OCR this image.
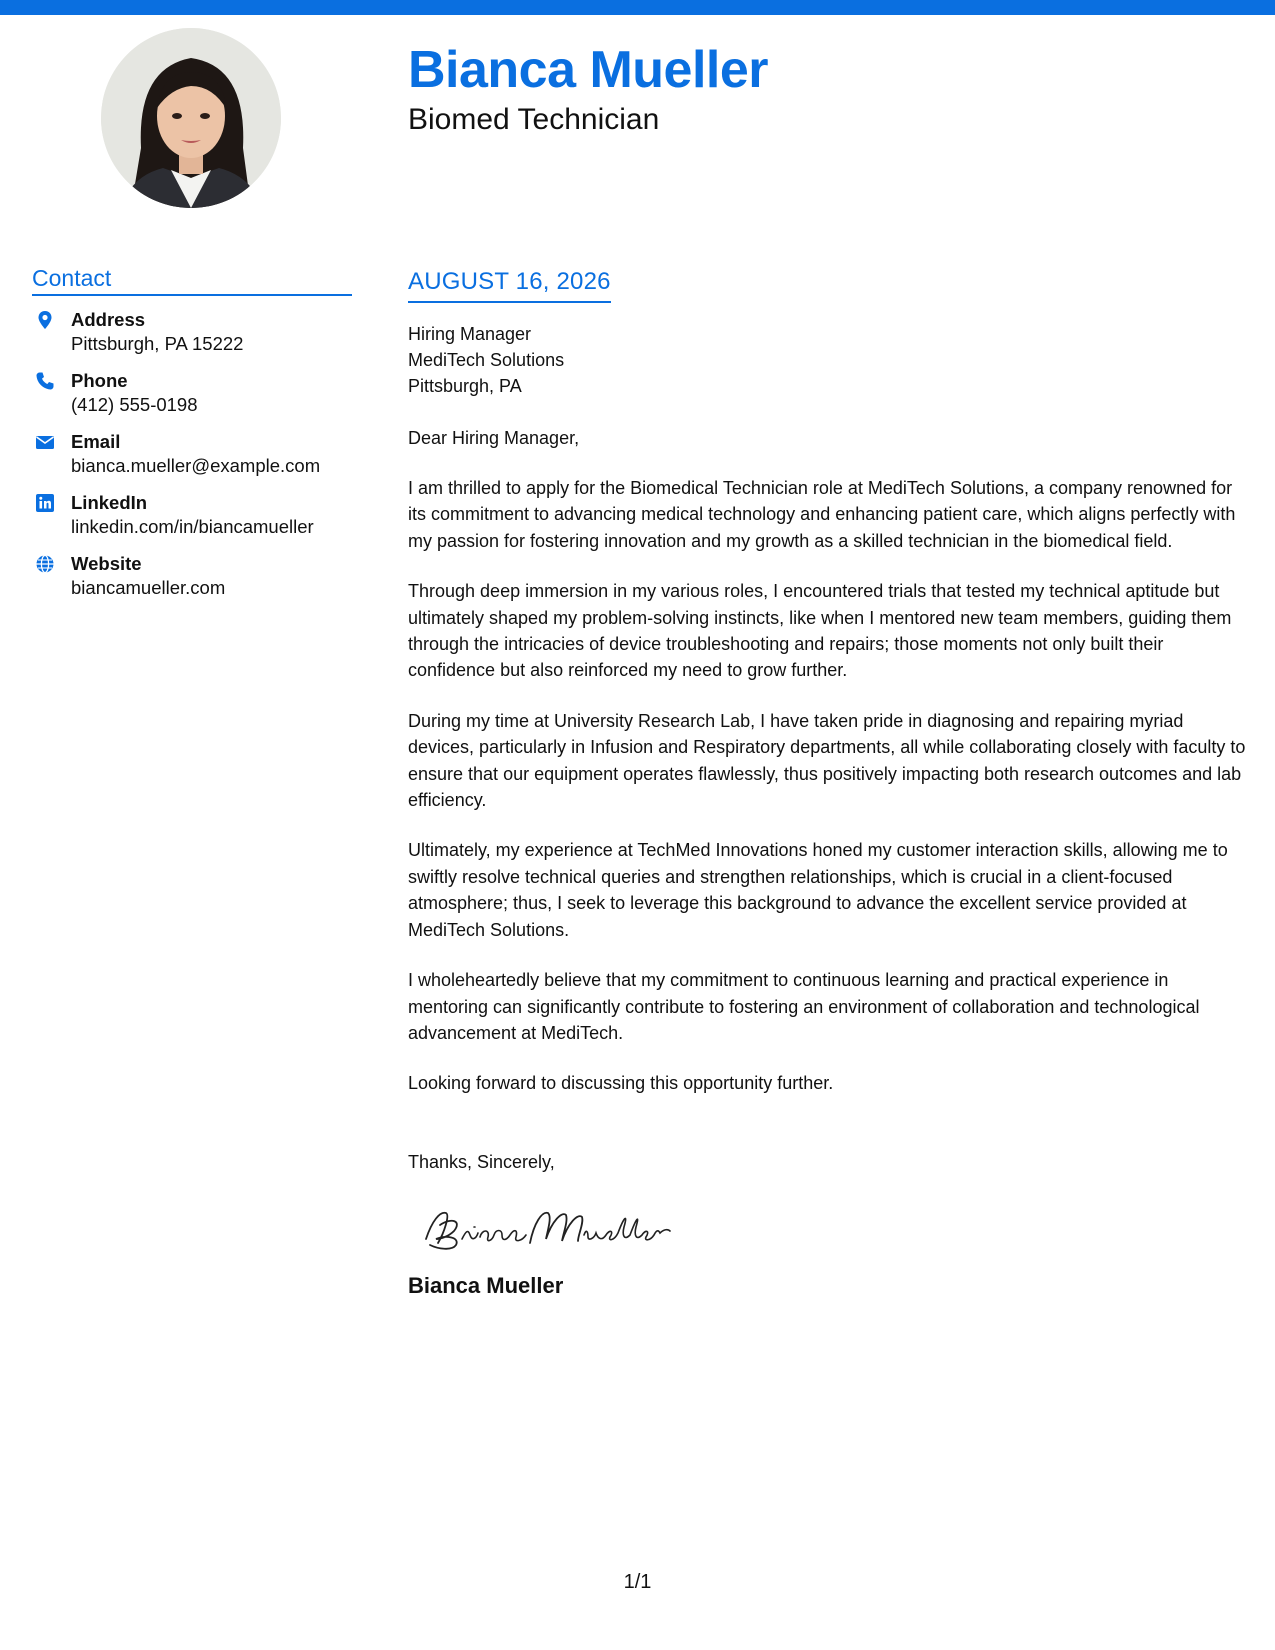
Bianca Mueller
Biomed Technician
Contact
Address
Pittsburgh, PA 15222
Phone
(412) 555-0198
Email
bianca.mueller@example.com
LinkedIn
linkedin.com/in/biancamueller
Website
biancamueller.com
AUGUST 16, 2026
Hiring Manager
MediTech Solutions
Pittsburgh, PA
Dear Hiring Manager,

I am thrilled to apply for the Biomedical Technician role at MediTech Solutions, a company renowned for its commitment to advancing medical technology and enhancing patient care, which aligns perfectly with my passion for fostering innovation and my growth as a skilled technician in the biomedical field.

Through deep immersion in my various roles, I encountered trials that tested my technical aptitude but ultimately shaped my problem-solving instincts, like when I mentored new team members, guiding them through the intricacies of device troubleshooting and repairs; those moments not only built their confidence but also reinforced my need to grow further.

During my time at University Research Lab, I have taken pride in diagnosing and repairing myriad devices, particularly in Infusion and Respiratory departments, all while collaborating closely with faculty to ensure that our equipment operates flawlessly, thus positively impacting both research outcomes and lab efficiency.

Ultimately, my experience at TechMed Innovations honed my customer interaction skills, allowing me to swiftly resolve technical queries and strengthen relationships, which is crucial in a client-focused atmosphere; thus, I seek to leverage this background to advance the excellent service provided at MediTech Solutions.

I wholeheartedly believe that my commitment to continuous learning and practical experience in mentoring can significantly contribute to fostering an environment of collaboration and technological advancement at MediTech.

Looking forward to discussing this opportunity further.

Thanks, Sincerely,
Bianca Mueller
1/1
